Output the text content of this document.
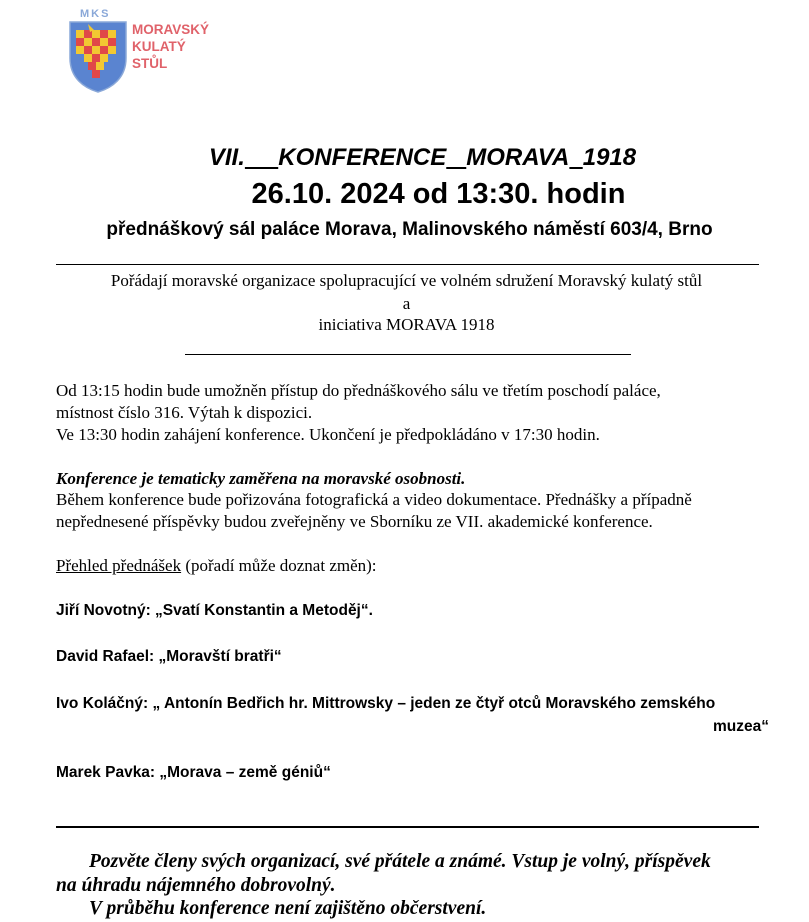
MKS
MORAVSKÝ
KULATÝ
STŮL
VII. KONFERENCE MORAVA 1918
26.10. 2024 od 13:30. hodin
přednáškový sál paláce Morava, Malinovského náměstí 603/4, Brno
Pořádají moravské organizace spolupracující ve volném sdružení Moravský kulatý stůl
a
iniciativa MORAVA 1918
Od 13:15 hodin bude umožněn přístup do přednáškového sálu ve třetím poschodí paláce,
místnost číslo 316. Výtah k dispozici.
Ve 13:30 hodin zahájení konference. Ukončení je předpokládáno v 17:30 hodin.
Konference je tematicky zaměřena na moravské osobnosti.
Během konference bude pořizována fotografická a video dokumentace. Přednášky a případně
nepřednesené příspěvky budou zveřejněny ve Sborníku ze VII. akademické konference.
Přehled přednášek (pořadí může doznat změn):
Jiří Novotný: „Svatí Konstantin a Metoděj“.
David Rafael: „Moravští bratři“
Ivo Koláčný: „ Antonín Bedřich hr. Mittrowsky – jeden ze čtyř otců Moravského zemského
muzea“
Marek Pavka: „Morava – země géniů“
Pozvěte členy svých organizací, své přátele a známé. Vstup je volný, příspěvek
na úhradu nájemného dobrovolný.
V průběhu konference není zajištěno občerstvení.
